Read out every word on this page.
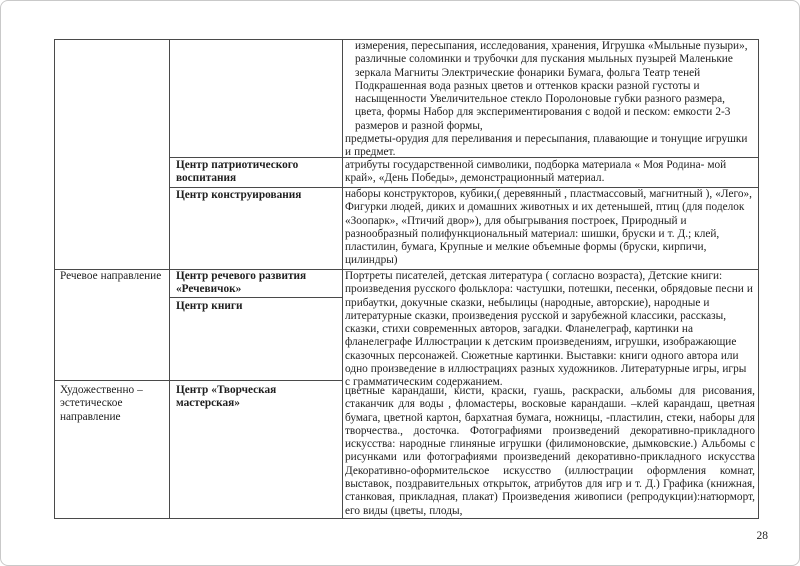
Речевое направление
Художественно – эстетическое направление
Центр патриотического воспитания
Центр конструирования
Центр речевого развития «Речевичок»
Центр книги
Центр «Творческая мастерская»

измерения, пересыпания, исследования, хранения, Игрушка «Мыльные пузыри», различные соломинки и трубочки для пускания мыльных пузырей Маленькие зеркала Магниты Электрические фонарики Бумага, фольга Театр теней Подкрашенная вода разных цветов и оттенков краски разной густоты и насыщенности Увеличительное стекло Поролоновые губки разного размера, цвета, формы Набор для экспериментирования с водой и песком: емкости 2-3 размеров и разной формы,

предметы-орудия для переливания и пересыпания, плавающие и тонущие игрушки и предмет.

атрибуты государственной символики, подборка материала « Моя Родина- мой край», «День Победы», демонстрационный материал.
наборы конструкторов, кубики,( деревянный , пластмассовый, магнитный ), «Лего», Фигурки людей, диких и домашних животных и их детенышей, птиц (для поделок «Зоопарк», «Птичий двор»), для обыгрывания построек, Природный и разнообразный полифункциональный материал: шишки, бруски и т. Д.; клей, пластилин, бумага, Крупные и мелкие объемные формы (бруски, кирпичи, цилиндры)
Портреты писателей, детская литература ( согласно возраста), Детские книги: произведения русского фольклора: частушки, потешки, песенки, обрядовые песни и прибаутки, докучные сказки, небылицы (народные, авторские), народные и литературные сказки, произведения русской и зарубежной классики, рассказы, сказки, стихи современных авторов, загадки. Фланелеграф, картинки на фланелеграфе Иллюстрации к детским произведениям, игрушки, изображающие сказочных персонажей. Сюжетные картинки. Выставки: книги одного автора или одно произведение в иллюстрациях разных художников. Литературные игры, игры с грамматическим содержанием.
цветные карандаши, кисти, краски, гуашь, раскраски, альбомы для рисования, стаканчик для воды , фломастеры, восковые карандаши. –клей карандаш, цветная бумага, цветной картон, бархатная бумага, ножницы, -пластилин, стеки, наборы для творчества., досточка. Фотографиями произведений декоративно-прикладного искусства: народные глиняные игрушки (филимоновские, дымковские.) Альбомы с рисунками или фотографиями произведений декоративно-прикладного искусства Декоративно-оформительское искусство (иллюстрации оформления комнат, выставок, поздравительных открыток, атрибутов для игр и т. Д.) Графика (книжная, станковая, прикладная, плакат) Произведения живописи (репродукции):натюрморт, его виды (цветы, плоды,
28
